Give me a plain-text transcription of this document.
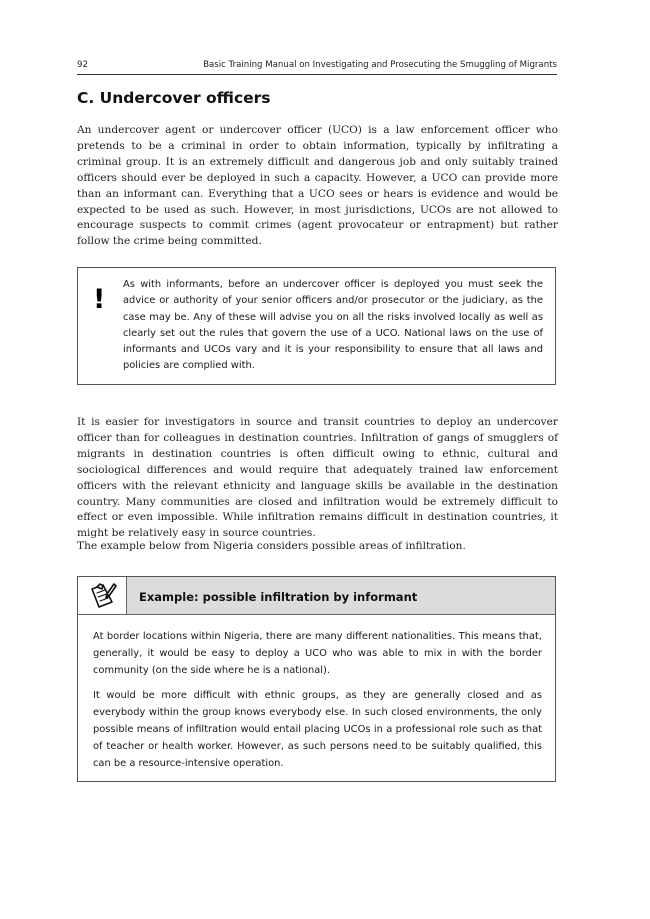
92	Basic Training Manual on Investigating and Prosecuting the Smuggling of Migrants
C. Undercover officers

An undercover agent or undercover officer (UCO) is a law enforcement officer who pretends to be a criminal in order to obtain information, typically by infiltrating a criminal group. It is an extremely difficult and dangerous job and only suitably trained officers should ever be deployed in such a capacity. However, a UCO can provide more than an informant can. Everything that a UCO sees or hears is evidence and would be expected to be used as such. However, in most jurisdictions, UCOs are not allowed to encourage suspects to commit crimes (agent provocateur or entrapment) but rather follow the crime being committed.

! As with informants, before an undercover officer is deployed you must seek the advice or authority of your senior officers and/or prosecutor or the judiciary, as the case may be. Any of these will advise you on all the risks involved locally as well as clearly set out the rules that govern the use of a UCO. National laws on the use of informants and UCOs vary and it is your responsibility to ensure that all laws and policies are complied with.

It is easier for investigators in source and transit countries to deploy an undercover officer than for colleagues in destination countries. Infiltration of gangs of smugglers of migrants in destination countries is often difficult owing to ethnic, cultural and sociological differences and would require that adequately trained law enforcement officers with the relevant ethnicity and language skills be available in the destination country. Many communities are closed and infiltration would be extremely difficult to effect or even impossible. While infiltration remains difficult in destination countries, it might be relatively easy in source countries.

The example below from Nigeria considers possible areas of infiltration.

Example: possible infiltration by informant

At border locations within Nigeria, there are many different nationalities. This means that, generally, it would be easy to deploy a UCO who was able to mix in with the border community (on the side where he is a national).

It would be more difficult with ethnic groups, as they are generally closed and as everybody within the group knows everybody else. In such closed environments, the only possible means of infiltration would entail placing UCOs in a professional role such as that of teacher or health worker. However, as such persons need to be suitably qualified, this can be a resource-intensive operation.
